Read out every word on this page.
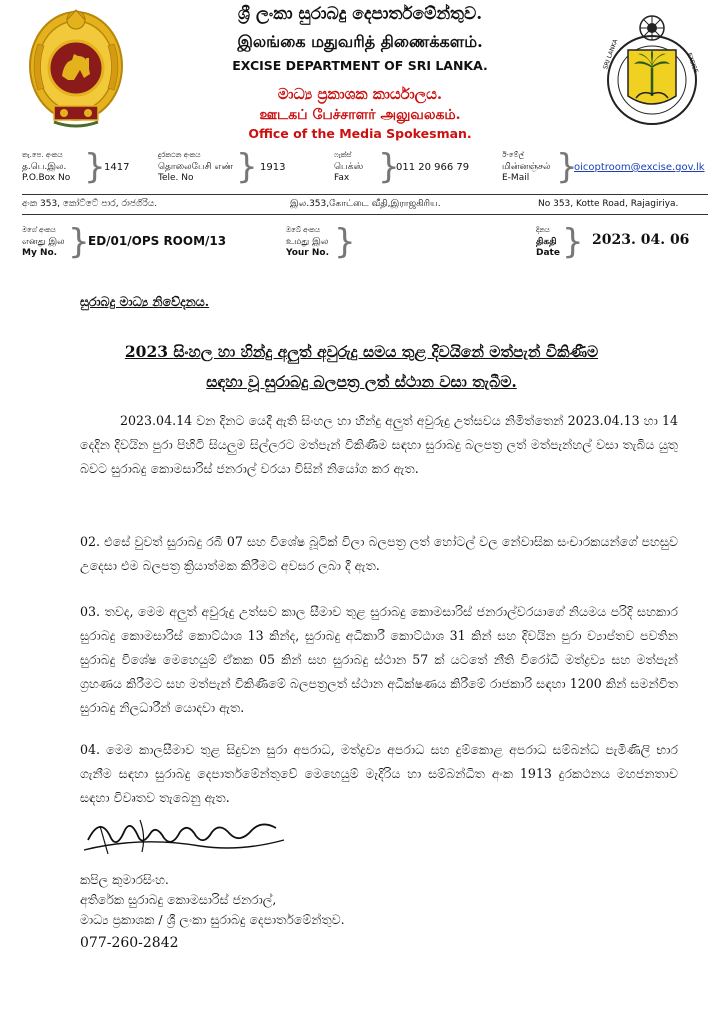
SRI LANKA	EXCISE
ශ්‍රී ලංකා සුරාබදු දෙපාර්තමේන්තුව.
இலங்கை மதுவரித் திணைக்களம்.
EXCISE DEPARTMENT OF SRI LANKA.
මාධ්‍ය ප්‍රකාශක කාර්යාලය.
ஊடகப் பேச்சாளர் அலுவலகம்.
Office of the Media Spokesman.
තැ.පෙ. අංකය
த.பெ.இல.
P.O.Box No }
1417
දුරකථන අංකය
தொலைபேசி எண்
Tele. No	} 1913
ෆැක්ස්
பெக்ஸ்
Fax }
011 20 966 79
ඊ-මේල්
மின்னஞ்சல்
E-Mail }
oicoptroom@excise.gov.lk
අංක 353, කෝට්ටේ පාර, රාජගිරිය.	இல.353,கோட்டை வீதி,இராஜகிரிய.	No 353, Kotte Road, Rajagiriya.
මගේ අංකය
எனது இல
My No. }
ED/01/OPS ROOM/13
ඔබේ අංකය
உமது இல
Your No. }	දිනය
திகதி
Date } 2023. 04. 06
සුරාබදු මාධ්‍ය නිවේදනය.
2023 සිංහල හා හින්දු අලුත් අවුරුදු සමය තුළ දිවයිනේ මත්පැන් විකිණීම
සඳහා වූ සුරාබදු බලපත්‍ර ලත් ස්ථාන වසා තැබීම.
2023.04.14 වන දිනට යෙදී ඇති සිංහල හා හින්දු අලුත් අවුරුදු උත්සවය නිමිත්තෙන් 2023.04.13 හා 14 දෙදින දිවයින පුරා පිහිටි සියලුම සිල්ලරට මත්පැන් විකිණීම සඳහා සුරාබදු බලපත්‍ර ලත් මත්පැන්හල් වසා තැබිය යුතු බවට සුරාබදු කොමසාරිස් ජනරාල් වරයා විසින් නියෝග කර ඇත.
02. එසේ වුවත් සුරාබදු රබී 07 සහ විශේෂ බූටික් විලා බලපත්‍ර ලත් හෝටල් වල නේවාසික සංචාරකයන්ගේ පහසුව උදෙසා එම බලපත්‍ර ක්‍රියාත්මක කිරීමට අවසර ලබා දී ඇත.
03. තවද, මෙම අලුත් අවුරුදු උත්සව කාල සීමාව තුළ සුරාබදු කොමසාරිස් ජනරාල්වරයාගේ නියමය පරිදි සහකාර සුරාබදු කොමසාරිස් කොට්ඨාශ 13 කින්ද, සුරාබදු අධිකාරී කොට්ඨාශ 31 කින් සහ දිවයින පුරා ව්‍යාප්තව පවතින සුරාබදු විශේෂ මෙහෙයුම් ඒකක 05 කින් සහ සුරාබදු ස්ථාන 57 ක් යටතේ නීති විරෝධී මත්ද්‍රව්‍ය සහ මත්පැන් ග්‍රහණය කිරීමට සහ මත්පැන් විකිණීමේ බලපත්‍රලත් ස්ථාන අධීක්ෂණය කිරීමේ රාජකාරි සඳහා 1200 කින් සමන්විත සුරාබදු නිලධාරීන් යොදවා ඇත.
04. මෙම කාලසීමාව තුළ සිදුවන සුරා අපරාධ, මත්ද්‍රව්‍ය අපරාධ සහ දුම්කොළ අපරාධ සම්බන්ධ පැමිණිලි භාර ගැනීම සඳහා සුරාබදු දෙපාර්තමේන්තුවේ මෙහෙයුම් මැදිරිය හා සම්බන්ධිත අංක 1913 දුරකථනය මහජනතාව සඳහා විවෘතව තැබෙනු ඇත.
කපිල කුමාරසිංහ.
අතිරේක සුරාබදු කොමසාරිස් ජනරාල්,
මාධ්‍ය ප්‍රකාශක / ශ්‍රී ලංකා සුරාබදු දෙපාර්තමේන්තුව.
077-260-2842
